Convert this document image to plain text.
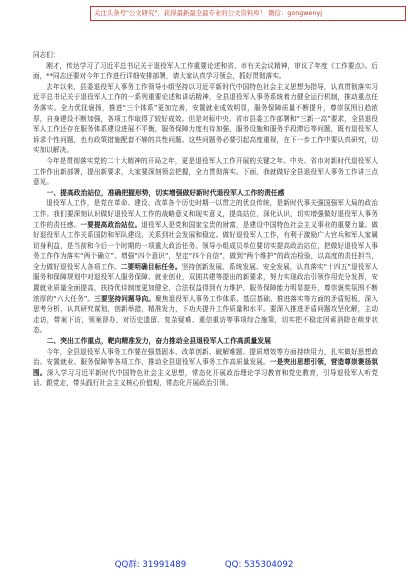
关注头条号"公文研究"，获得最新最全最专业的公文资料库！ 微信：gongwenyj

同志们：

刚才，传达学习了习近平总书记关于退役军人工作重要论述和省、市有关会议精神，审议了年度《工作要点》。后面，**同志还要对今年工作进行详细安排部署，请大家认真学习领会，抓好贯彻落实。

去年以来，县委退役军人事务工作领导小组坚持以习近平新时代中国特色社会主义思想为指导，认真贯彻落实习近平总书记关于退役军人工作的一系列重要论述和讲话精神，全县退役军人事务系统着力健全运行机制，推动重点任务落实。全力优抚褒扬，推进“三个体系”更加完善，安置就业成效明显，服务保障质量不断提升，尊崇氛围日趋浓厚，自身建设不断加强，各项工作取得了较好成效。但是对标中央、省市县委工作部署和“三新一高”要求，全县退役军人工作还存在服务体系建设进展不平衡，服务保障力度有待加强，服务设施和服务手段滞后等问题，既有退役军人诉求个性问题，也有政策措施配套不够的共性问题。这些问题务必要引起高度重视，在下一步工作中要认真研究，切实加以解决。

今年是贯彻落实党的二十大精神的开局之年，更是退役军人工作开展的关键之年。中央、省市对新时代退役军人工作作出新部署，提出新要求，大家要深刻领会把握，全力贯彻落实。下面，我就做好全县退役军人事务工作讲三点意见。

一、提高政治站位，准确把握形势，切实增强做好新时代退役军人工作的责任感

退役军人工作，是党在革命、建设、改革各个历史时期一以贯之的优良传统，是新时代事关强国强军大局的政治工作。我们要深刻认识做好退役军人工作的战略意义和现实意义，提高站位，深化认识，切实增强做好退役军人事务工作的责任感。一要提高政治站位。退役军人是党和国家宝贵的财富，是建设中国特色社会主义事业的重要力量。做好退役军人工作关系国防和军队建设，关系到社会发展和稳定。做好退役军人工作，有利于激励广大官兵和军人家属切身利益，是当前和今后一个时期的一项重大政治任务。领导小组成员单位要切实提高政治站位，把做好退役军人事务工作作为落实“两个确立”、增强“四个意识”，坚定“四个自信”，做到“两个维护”的政治检验，以高度的责任担当，全力做好退役军人各项工作。二要明确目标任务。坚持创新发展、系统发展、安全发展，认真落实“十四五”退役军人服务和保障规划中对退役军人服务保障、就业创业，双拥共建等提出的新要求，努力实现政治引领作用充分发挥，安置就业质量全面提高，扶持优待制度更加健全，合法权益得到有力维护，服务保障能力明显提升，尊崇褒奖氛围不断浓厚的“六大任务”。三要坚持问题导向。聚焦退役军人事务工作体系、基层基础、推进落实等方面的矛盾短板，深入思考分析，认真研究谋划，创新举措，精准发力，下功夫提升工作质量和水平。要深入推进矛盾问题攻坚化解，主动走访，带案下访，领案督办，对历史遗留、复杂疑难、重信重访等事项综合施策，切实把不稳定因素消除在萌芽状态。

二、突出工作重点，靶向精准发力，奋力推动全县退役军人工作高质量发展

今年，全县退役军人事务工作要在强基固本、改革创新、破解难题、提质增效等方面持续用力，扎实做好思想政治、安置就业、服务保障等各项工作，推动全县退役军人事务工作高质量发展。一是突出思想引领，营造尊崇褒扬氛围。深入学习习近平新时代中国特色社会主义思想，常态化开展政治理论学习教育和党史教育，引导退役军人听党话、跟党走，带头践行社会主义核心价值观，常态化开展政治引领。

QQ群: 31991489	QQ: 535304092
